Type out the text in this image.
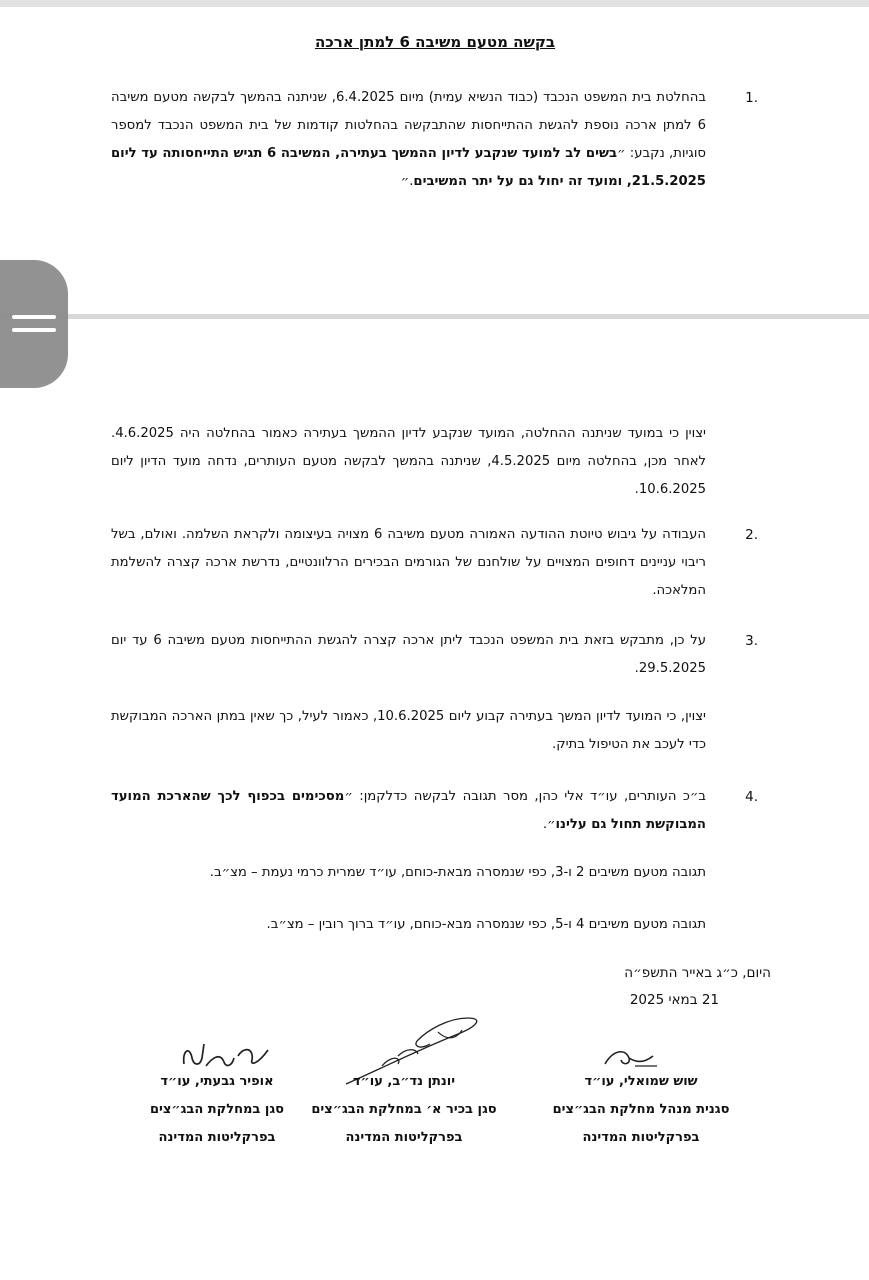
בקשה מטעם משיבה 6 למתן ארכה
1.
בהחלטת בית המשפט הנכבד (כבוד הנשיא עמית) מיום 6.4.2025, שניתנה בהמשך לבקשה מטעם משיבה 6 למתן ארכה נוספת להגשת ההתייחסות שהתבקשה בהחלטות קודמות של בית המשפט הנכבד למספר סוגיות, נקבע: ״בשים לב למועד שנקבע לדיון ההמשך בעתירה, המשיבה 6 תגיש התייחסותה עד ליום 21.5.2025, ומועד זה יחול גם על יתר המשיבים.״
יצוין כי במועד שניתנה ההחלטה, המועד שנקבע לדיון ההמשך בעתירה כאמור בהחלטה היה 4.6.2025. לאחר מכן, בהחלטה מיום 4.5.2025, שניתנה בהמשך לבקשה מטעם העותרים, נדחה מועד הדיון ליום 10.6.2025.
2.
העבודה על גיבוש טיוטת ההודעה האמורה מטעם משיבה 6 מצויה בעיצומה ולקראת השלמה. ואולם, בשל ריבוי עניינים דחופים המצויים על שולחנם של הגורמים הבכירים הרלוונטיים, נדרשת ארכה קצרה להשלמת המלאכה.
3.
על כן, מתבקש בזאת בית המשפט הנכבד ליתן ארכה קצרה להגשת ההתייחסות מטעם משיבה 6 עד יום 29.5.2025.
יצוין, כי המועד לדיון המשך בעתירה קבוע ליום 10.6.2025, כאמור לעיל, כך שאין במתן הארכה המבוקשת כדי לעכב את הטיפול בתיק.
4.
ב״כ העותרים, עו״ד אלי כהן, מסר תגובה לבקשה כדלקמן: ״מסכימים בכפוף לכך שהארכת המועד המבוקשת תחול גם עלינו״.
תגובה מטעם משיבים 2 ו-3, כפי שנמסרה מבאת-כוחם, עו״ד שמרית כרמי נעמת – מצ״ב.
תגובה מטעם משיבים 4 ו-5, כפי שנמסרה מבא-כוחם, עו״ד ברוך רובין – מצ״ב.
היום, כ״ג באייר התשפ״ה
21 במאי 2025
שוש שמואלי, עו״ד
סגנית מנהל מחלקת הבג״צים
בפרקליטות המדינה
יונתן נד״ב, עו״ד
סגן בכיר א׳ במחלקת הבג״צים
בפרקליטות המדינה
אופיר גבעתי, עו״ד
סגן במחלקת הבג״צים
בפרקליטות המדינה
